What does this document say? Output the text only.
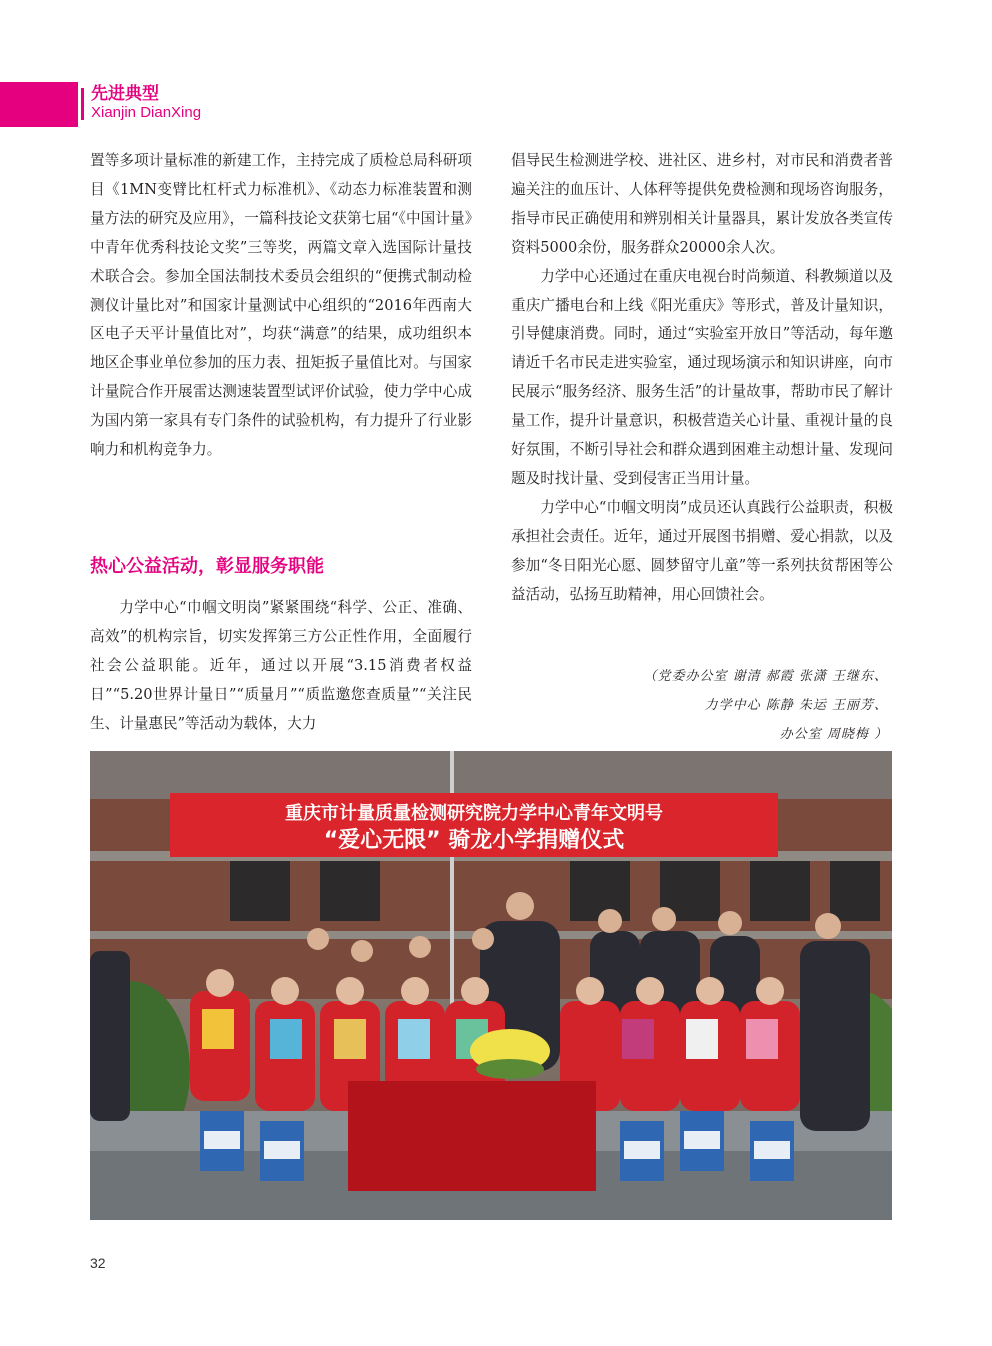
先进典型
Xianjin DianXing

置等多项计量标准的新建工作，主持完成了质检总局科研项目《1MN变臂比杠杆式力标准机》、《动态力标准装置和测量方法的研究及应用》，一篇科技论文获第七届“《中国计量》中青年优秀科技论文奖”三等奖，两篇文章入选国际计量技术联合会。参加全国法制技术委员会组织的“便携式制动检测仪计量比对”和国家计量测试中心组织的“2016年西南大区电子天平计量值比对”，均获“满意”的结果，成功组织本地区企事业单位参加的压力表、扭矩扳子量值比对。与国家计量院合作开展雷达测速装置型试评价试验，使力学中心成为国内第一家具有专门条件的试验机构，有力提升了行业影响力和机构竞争力。

热心公益活动，彰显服务职能

力学中心“巾帼文明岗”紧紧围绕“科学、公正、准确、高效”的机构宗旨，切实发挥第三方公正性作用，全面履行社会公益职能。近年，通过以开展“3.15消费者权益日”“5.20世界计量日”“质量月”“质监邀您查质量”“关注民生、计量惠民”等活动为载体，大力

倡导民生检测进学校、进社区、进乡村，对市民和消费者普遍关注的血压计、人体秤等提供免费检测和现场咨询服务，指导市民正确使用和辨别相关计量器具，累计发放各类宣传资料5000余份，服务群众20000余人次。

力学中心还通过在重庆电视台时尚频道、科教频道以及重庆广播电台和上线《阳光重庆》等形式，普及计量知识，引导健康消费。同时，通过“实验室开放日”等活动，每年邀请近千名市民走进实验室，通过现场演示和知识讲座，向市民展示“服务经济、服务生活”的计量故事，帮助市民了解计量工作，提升计量意识，积极营造关心计量、重视计量的良好氛围，不断引导社会和群众遇到困难主动想计量、发现问题及时找计量、受到侵害正当用计量。

力学中心“巾帼文明岗”成员还认真践行公益职责，积极承担社会责任。近年，通过开展图书捐赠、爱心捐款，以及参加“冬日阳光心愿、圆梦留守儿童”等一系列扶贫帮困等公益活动，弘扬互助精神，用心回馈社会。

（党委办公室 谢清 郝霞 张潇 王继东、
力学中心 陈静 朱运 王丽芳、
办公室 周晓梅 ）
重庆市计量质量检测研究院力学中心青年文明号
“爱心无限” 骑龙小学捐赠仪式
32
